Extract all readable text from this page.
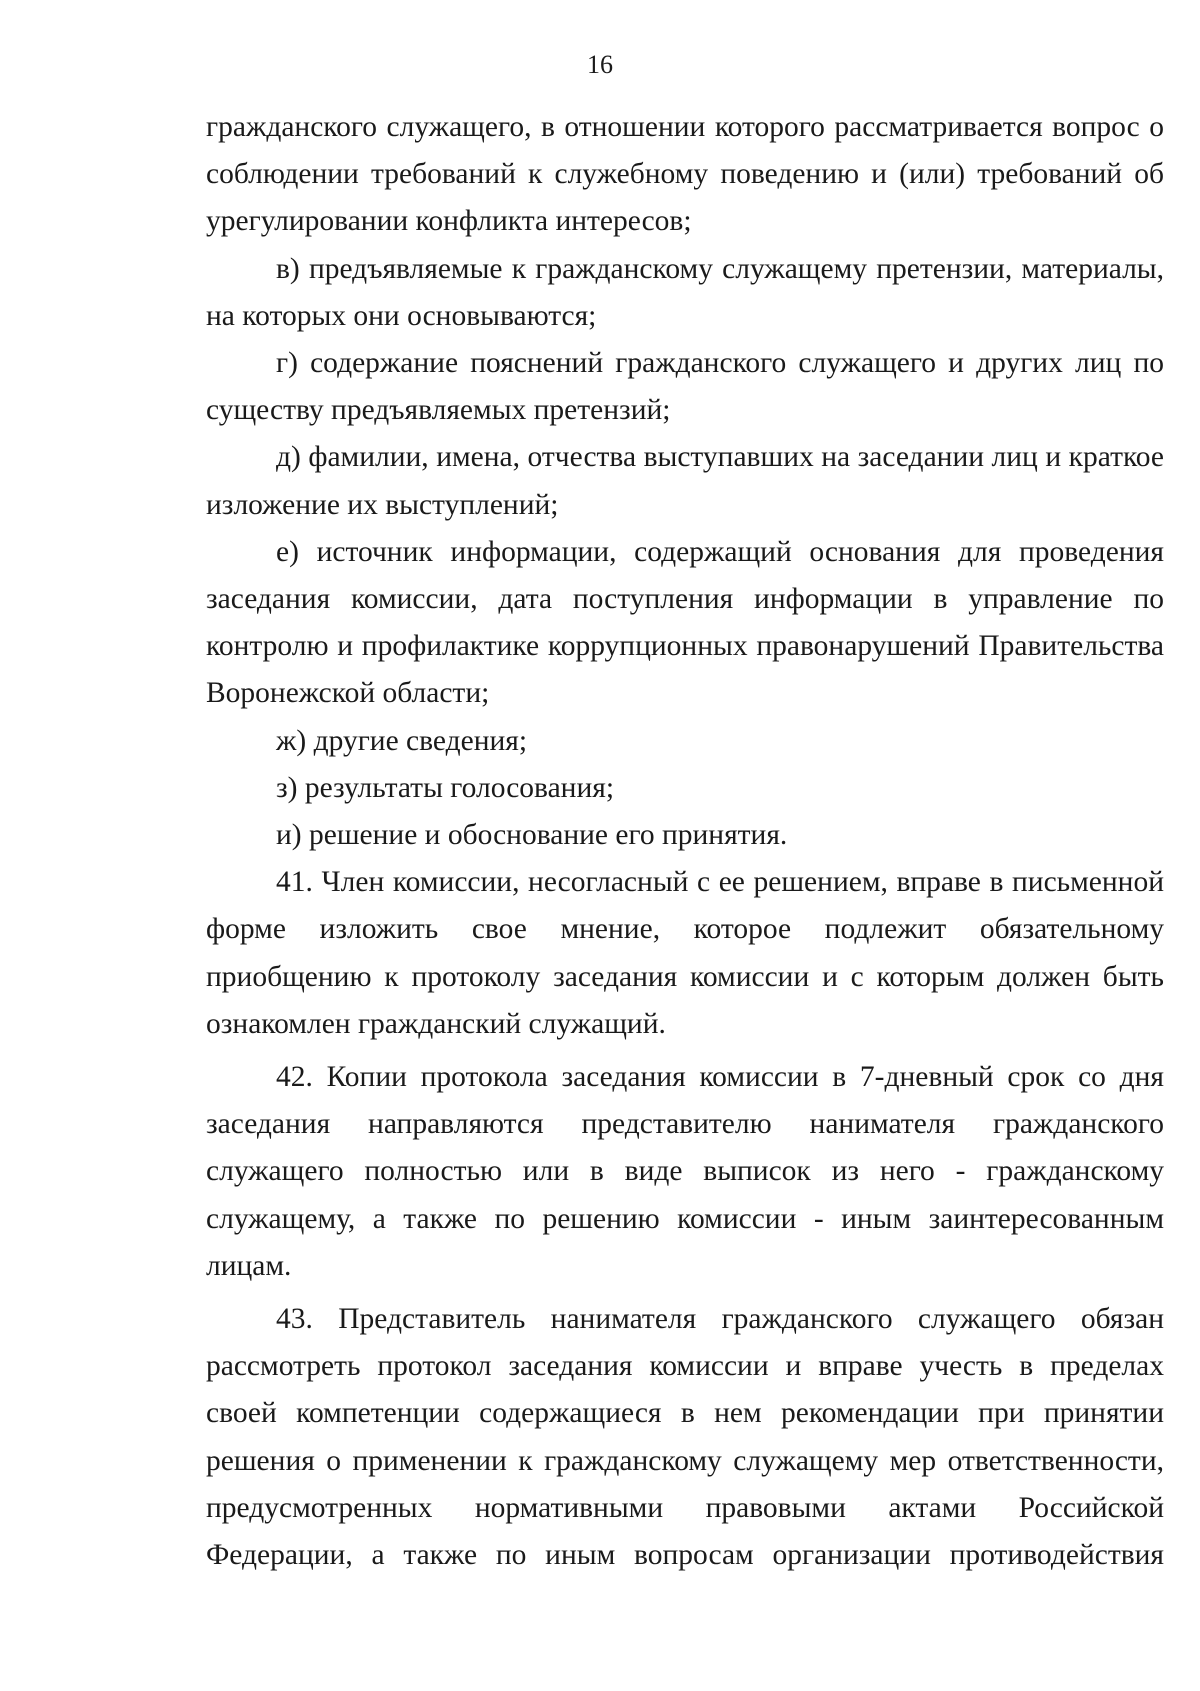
16

гражданского служащего, в отношении которого рассматривается вопрос о соблюдении требований к служебному поведению и (или) требований об урегулировании конфликта интересов;

в) предъявляемые к гражданскому служащему претензии, материалы, на которых они основываются;

г) содержание пояснений гражданского служащего и других лиц по существу предъявляемых претензий;

д) фамилии, имена, отчества выступавших на заседании лиц и краткое изложение их выступлений;

е) источник информации, содержащий основания для проведения заседания комиссии, дата поступления информации в управление по контролю и профилактике коррупционных правонарушений Правительства Воронежской области;

ж) другие сведения;

з) результаты голосования;

и) решение и обоснование его принятия.

41. Член комиссии, несогласный с ее решением, вправе в письменной форме изложить свое мнение, которое подлежит обязательному приобщению к протоколу заседания комиссии и с которым должен быть ознакомлен гражданский служащий.

42. Копии протокола заседания комиссии в 7-дневный срок со дня заседания направляются представителю нанимателя гражданского служащего полностью или в виде выписок из него - гражданскому служащему, а также по решению комиссии - иным заинтересованным лицам.

43. Представитель нанимателя гражданского служащего обязан рассмотреть протокол заседания комиссии и вправе учесть в пределах своей компетенции содержащиеся в нем рекомендации при принятии решения о применении к гражданскому служащему мер ответственности, предусмотренных нормативными правовыми актами Российской Федерации, а также по иным вопросам организации противодействия
